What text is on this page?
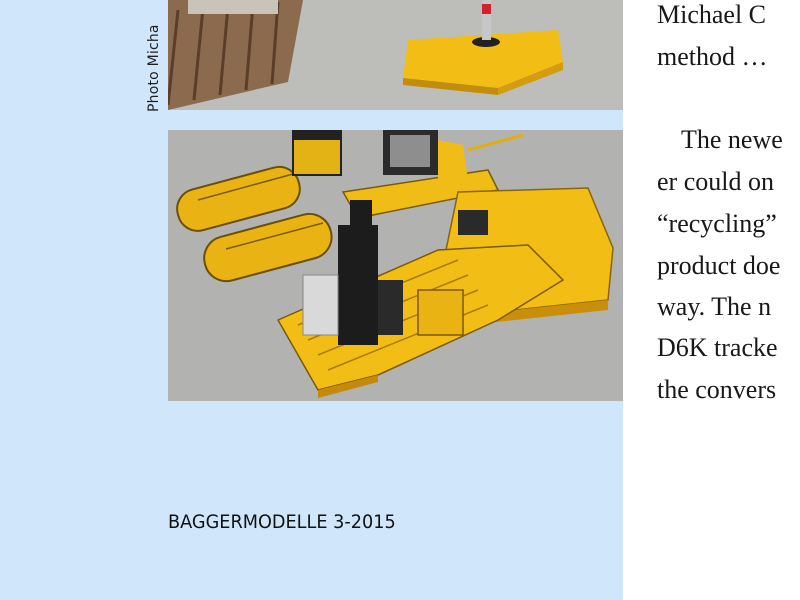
Photo Micha
BAGGERMODELLE 3-2015
Michael C
method …
The newe
er could on
“recycling”
product doe
way. The n
D6K tracke
the convers
